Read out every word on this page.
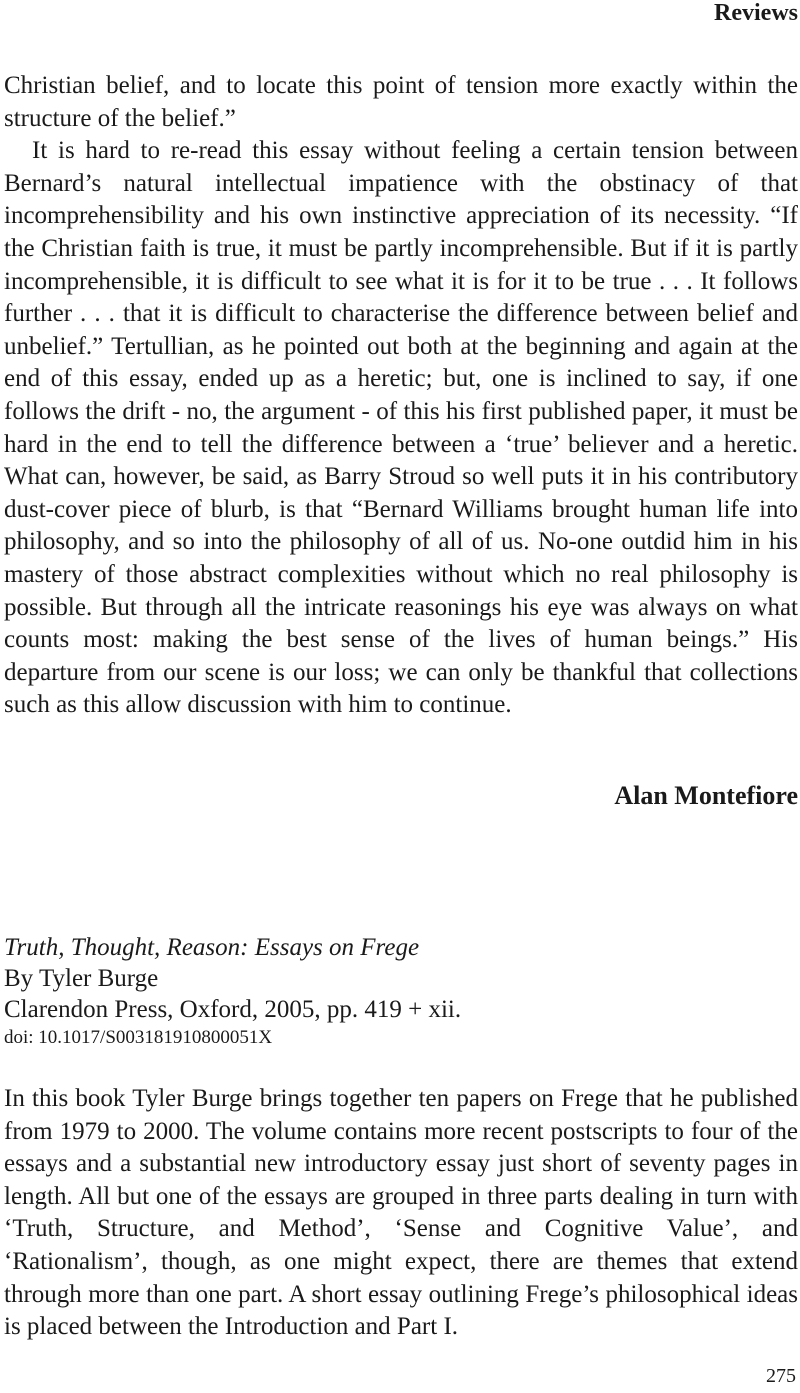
Reviews

Christian belief, and to locate this point of tension more exactly within the structure of the belief.”

It is hard to re-read this essay without feeling a certain tension between Bernard’s natural intellectual impatience with the obstinacy of that incomprehensibility and his own instinctive appreciation of its necessity. “If the Christian faith is true, it must be partly incomprehensible. But if it is partly incomprehensible, it is difficult to see what it is for it to be true . . . It follows further . . . that it is difficult to characterise the difference between belief and unbelief.” Tertullian, as he pointed out both at the beginning and again at the end of this essay, ended up as a heretic; but, one is inclined to say, if one follows the drift - no, the argument - of this his first published paper, it must be hard in the end to tell the difference between a ‘true’ believer and a heretic. What can, however, be said, as Barry Stroud so well puts it in his contributory dust-cover piece of blurb, is that “Bernard Williams brought human life into philosophy, and so into the philosophy of all of us. No-one outdid him in his mastery of those abstract complexities without which no real philosophy is possible. But through all the intricate reasonings his eye was always on what counts most: making the best sense of the lives of human beings.” His departure from our scene is our loss; we can only be thankful that collections such as this allow discussion with him to continue.

Alan Montefiore
Truth, Thought, Reason: Essays on Frege
By Tyler Burge
Clarendon Press, Oxford, 2005, pp. 419 + xii.
doi: 10.1017/S003181910800051X

In this book Tyler Burge brings together ten papers on Frege that he published from 1979 to 2000. The volume contains more recent postscripts to four of the essays and a substantial new introductory essay just short of seventy pages in length. All but one of the essays are grouped in three parts dealing in turn with ‘Truth, Structure, and Method’, ‘Sense and Cognitive Value’, and ‘Rationalism’, though, as one might expect, there are themes that extend through more than one part. A short essay outlining Frege’s philosophical ideas is placed between the Introduction and Part I.

275
